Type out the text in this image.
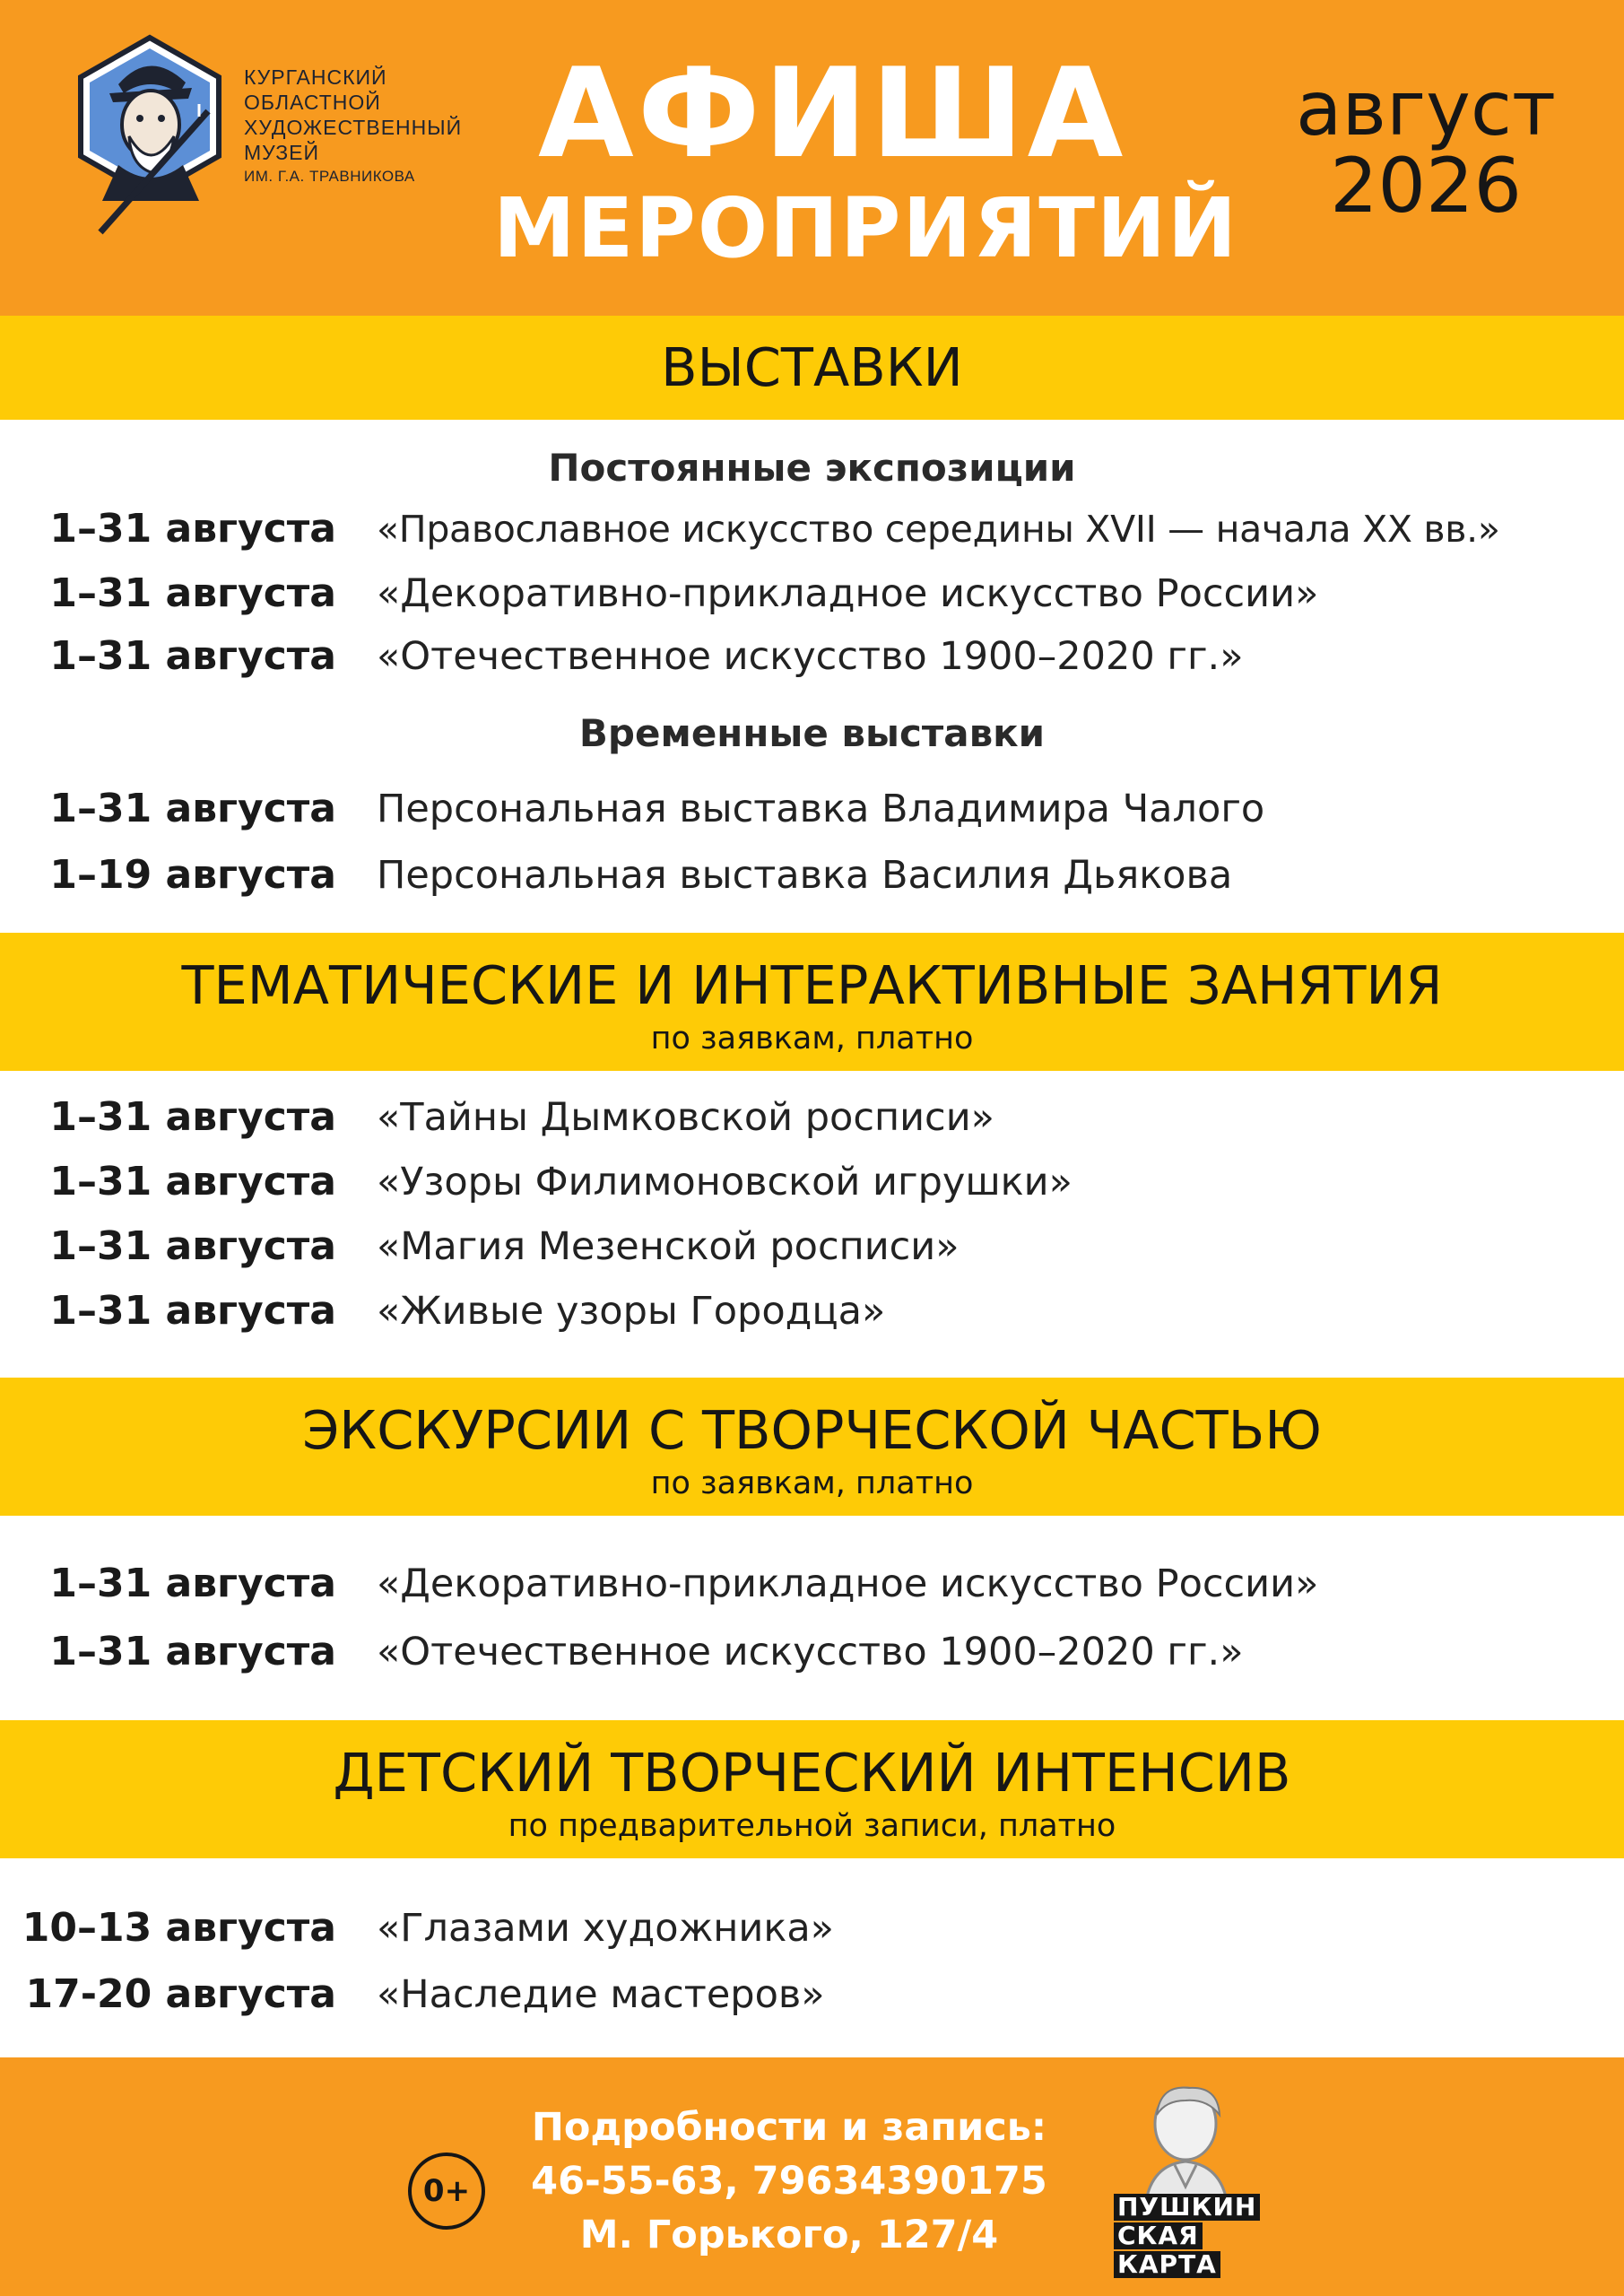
КУРГАНСКИЙ
ОБЛАСТНОЙ
ХУДОЖЕСТВЕННЫЙ
МУЗЕЙ
ИМ. Г.А. ТРАВНИКОВА АФИША
МЕРОПРИЯТИЙ
август
2026
ВЫСТАВКИ
Постоянные экспозиции
1–31 августа «Православное искусство середины XVII — начала XX вв.»
1–31 августа «Декоративно-прикладное искусство России»
1–31 августа «Отечественное искусство 1900–2020 гг.»
Временные выставки
1–31 августа Персональная выставка Владимира Чалого
1–19 августа Персональная выставка Василия Дьякова
ТЕМАТИЧЕСКИЕ И ИНТЕРАКТИВНЫЕ ЗАНЯТИЯ
по заявкам, платно
1–31 августа «Тайны Дымковской росписи»
1–31 августа «Узоры Филимоновской игрушки»
1–31 августа «Магия Мезенской росписи»
1–31 августа «Живые узоры Городца»
ЭКСКУРСИИ С ТВОРЧЕСКОЙ ЧАСТЬЮ
по заявкам, платно
1–31 августа «Декоративно-прикладное искусство России»
1–31 августа «Отечественное искусство 1900–2020 гг.»
ДЕТСКИЙ ТВОРЧЕСКИЙ ИНТЕНСИВ
по предварительной записи, платно
10–13 августа «Глазами художника»
17-20 августа «Наследие мастеров»
0+
Подробности и запись:
46-55-63, 79634390175
М. Горького, 127/4
ПУШКИН
СКАЯ
КАРТА
